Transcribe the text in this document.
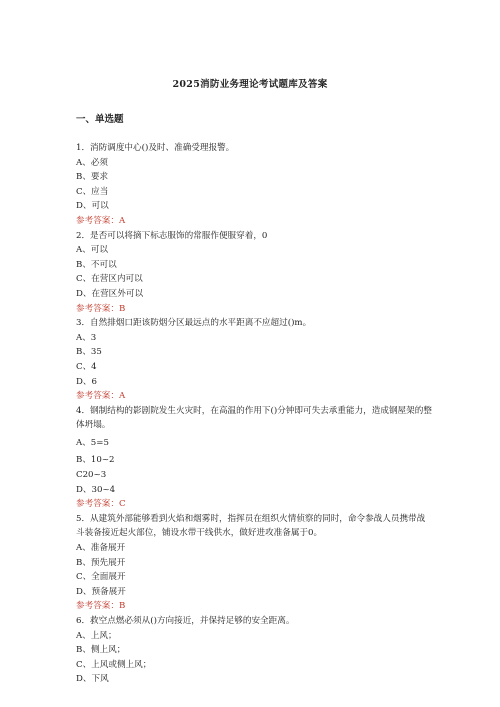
2025消防业务理论考试题库及答案
一、单选题
1．消防调度中心()及时、准确受理报警。
A、必须
B、要求
C、应当
D、可以
参考答案：A
2．是否可以将摘下标志服饰的常服作便服穿着，0
A、可以
B、不可以
C、在营区内可以
D、在营区外可以
参考答案：B
3．自然排烟口距该防烟分区最远点的水平距离不应超过()m。
A、3
B、35
C、4
D、6
参考答案：A
4．钢制结构的影剧院发生火灾时，在高温的作用下()分钟即可失去承重能力，造成钢屋架的整体坍塌。
A、5=5
B、10~2
C20~3
D、30~4
参考答案：C
5．从建筑外部能够看到火焰和烟雾时，指挥员在组织火情侦察的同时，命令参战人员携带战斗装备接近起火部位，铺设水带干线供水，做好进攻准备属于0。
A、准备展开
B、预先展开
C、全面展开
D、预备展开
参考答案：B
6．救空点燃必须从()方向接近，并保持足够的安全距离。
A、上风；
B、侧上风；
C、上风或侧上风；
D、下风
